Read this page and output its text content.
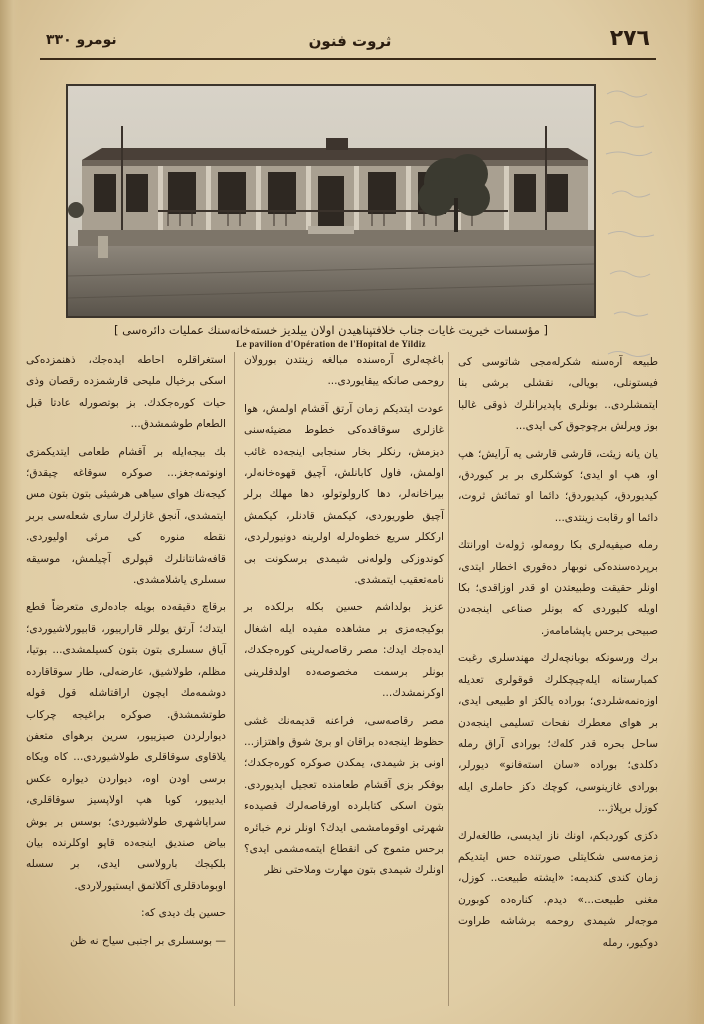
نومرو ٣٣٠	ثروت فنون	٢٧٦
[ مؤسسات خیریت غایات جناب خلافتپناهیدن اولان ییلدیز خستەخانەسنك عملیات دائرەسی ]
Le pavilion d'Opération de l'Hopital de Yildiz

طبیعە آرەسنە شکرلەمجی شاتوسی کی فیستونلی، بویالی، نقشلی برشی بنا ایتمشلردی.. بونلری یاپدیرانلرك ذوقی غالبا بوز ویرلش برچوجوق کی ایدی...

یان یانە زیئت، قارشی قارشی یە آرایش؛ هپ او، هپ او ایدی؛ کوشکلری بر بر کیوردق، کیدیوردق، کیدیوردق؛ دائما او تمائش ثروت، دائما او رقابت زینتدی...

رملە صیفیەلری بکا رومەلو، ژولەث اورانتك برپردەسندەکی نوبهار دەقوری اخطار ایتدی، اونلر حقیقت وطبیعتدن او قدر اوزاقدی؛ بکا اویلە کلیوردی کە بونلر صناعی اینجەدن صبیحی برحس یاپشامامەز.

برك ورسونكە بوبانچەلرك مهندسلری رغبت کمبارستانە ایلەچیچکلرك قوقولری تعدیلە اوزەنمەشلردی؛ بورادە یالکز او طبیعی ایدی، بر هوای معطرك نفحات تسلیمی اینجەدن ساحل بحرە قدر کلەك؛ بورادی آراق رملە دکلدی؛ بورادە «سان استەفانو» دیورلر، بورادی غازینوسی، کوچك دکز حاملری ایلە کوزل برپلاژ...

دکزی کوردیکم، اونك ناز ایدیسی، طالغەلرك زمزمەسی شکایتلی صورتندە حس ایتدیکم زمان کندی کندیمە: «ایشتە طبیعت.. کوزل، مغنی طبیعت...» دیدم. کنارەدە کوبورن موجەلر شیمدی روحمە برشاشە طراوت دوکیور، رملە

باغچەلری آرەسندە مبالغە زینتدن بورولان روحمی صانکە ییقایوردی...

عودت ایتدیکم زمان آرتق آقشام اولمش، هوا غازلری سوقاقدەکی خطوط مضیئەسنی دیزمش، رنکلر بخار سنجابی اینجەدە غائب اولمش، فاول کابانلش، آچیق قهوەخانەلر، بیراخانەلر، دها کارولوتولو، دها مهلك برلر آچیق طوریوردی، کیکمش قادنلر، کیکمش ارککلر سریع خطوەلرلە اولرینە دونیورلردی، کوندوزکی ولولەنی شیمدی برسکونت بی نامەتعقیب ایتمشدی.

عزیز بولداشم حسین بکلە برلکدە بر بوکیجەمزی بر مشاهدە مفیدە ایلە اشغال ایدەجك ایدك: مصر رقاصەلرینی کورەجکدك، بونلر برسمت مخصوصەدە اولدقلرینی اوکرنمشدك...

مصر رقاصەسی، فراعنە قدیمەنك غشی حظوظ اینجەدە براقان او برئ شوق واهتزاز... اونی بز شیمدی، یمکدن صوکرە کورەجکدك؛ بوفکر بزی آقشام طعامندە تعجیل ایدیوردی. بتون اسکی کتابلردە اورقاصەلرك قصیدەء شهرتی اوقومامشمی ایدك؟ اونلر نرم خبائرە برحس متموج کی انقطاع ایتمەمشمی ایدی؟ اونلرك شیمدی بتون مهارت وملاحتی نظر

استغراقلرە احاطە ایدەجك، ذهنمزدەکی اسکی برخیال ملیحی قارشمزدە رقصان وذی حیات کورەجکدك. بز بوتصورلە عادتا قبل الطعام طوشمشدق...

بك بیجەایلە بر آقشام طعامی ایتدیکمزی اونوتمەجغز... صوکرە سوقاغە چیقدق؛ کیجەنك هوای سیاهی هرشیئی بتون بتون مس ایتمشدی، آنجق غازلرك ساری شعلەسی بربر نقطە منورە کی مرئی اولیوردی. قافەشانتانلرك قپولری آچیلمش، موسیقە سسلری یاشلامشدی.

برقاچ دقیقەدە بویلە جادەلری متعرضاً قطع ایتدك؛ آرتق یوللر قارارییور، قابیورلاشیوردی؛ آیاق سسلری بتون بتون کسیلمشدی... بوتیا، مظلم، طولاشیق، عارضەلی، طار سوقاقاردە دوشمەمك ایچون اراقتاشلە قول قولە طوتشمشدق. صوکرە براغیجە چرکاب دیوارلردن صیزییور، سرین برهوای متعفن یلاقاوی سوقاقلری طولاشیوردی... کاه ویکاه برسی اودن اوە، دیواردن دیوارە عکس ایدییور، کوبا هپ اولاپسیز سوقاقلری، سرایاشهری طولاشیوردی؛ بوسس بر بوش بیاض صندیق اینجەدە قاپو اوکلرندە بیان بلکیجك بارولاسی ایدی، بر سسلە اوبومادقلری آکلاتمق ایستیورلاردی.

حسین بك دیدی کە:

— بوسسلری بر اجنبی سیاح نە ظن
